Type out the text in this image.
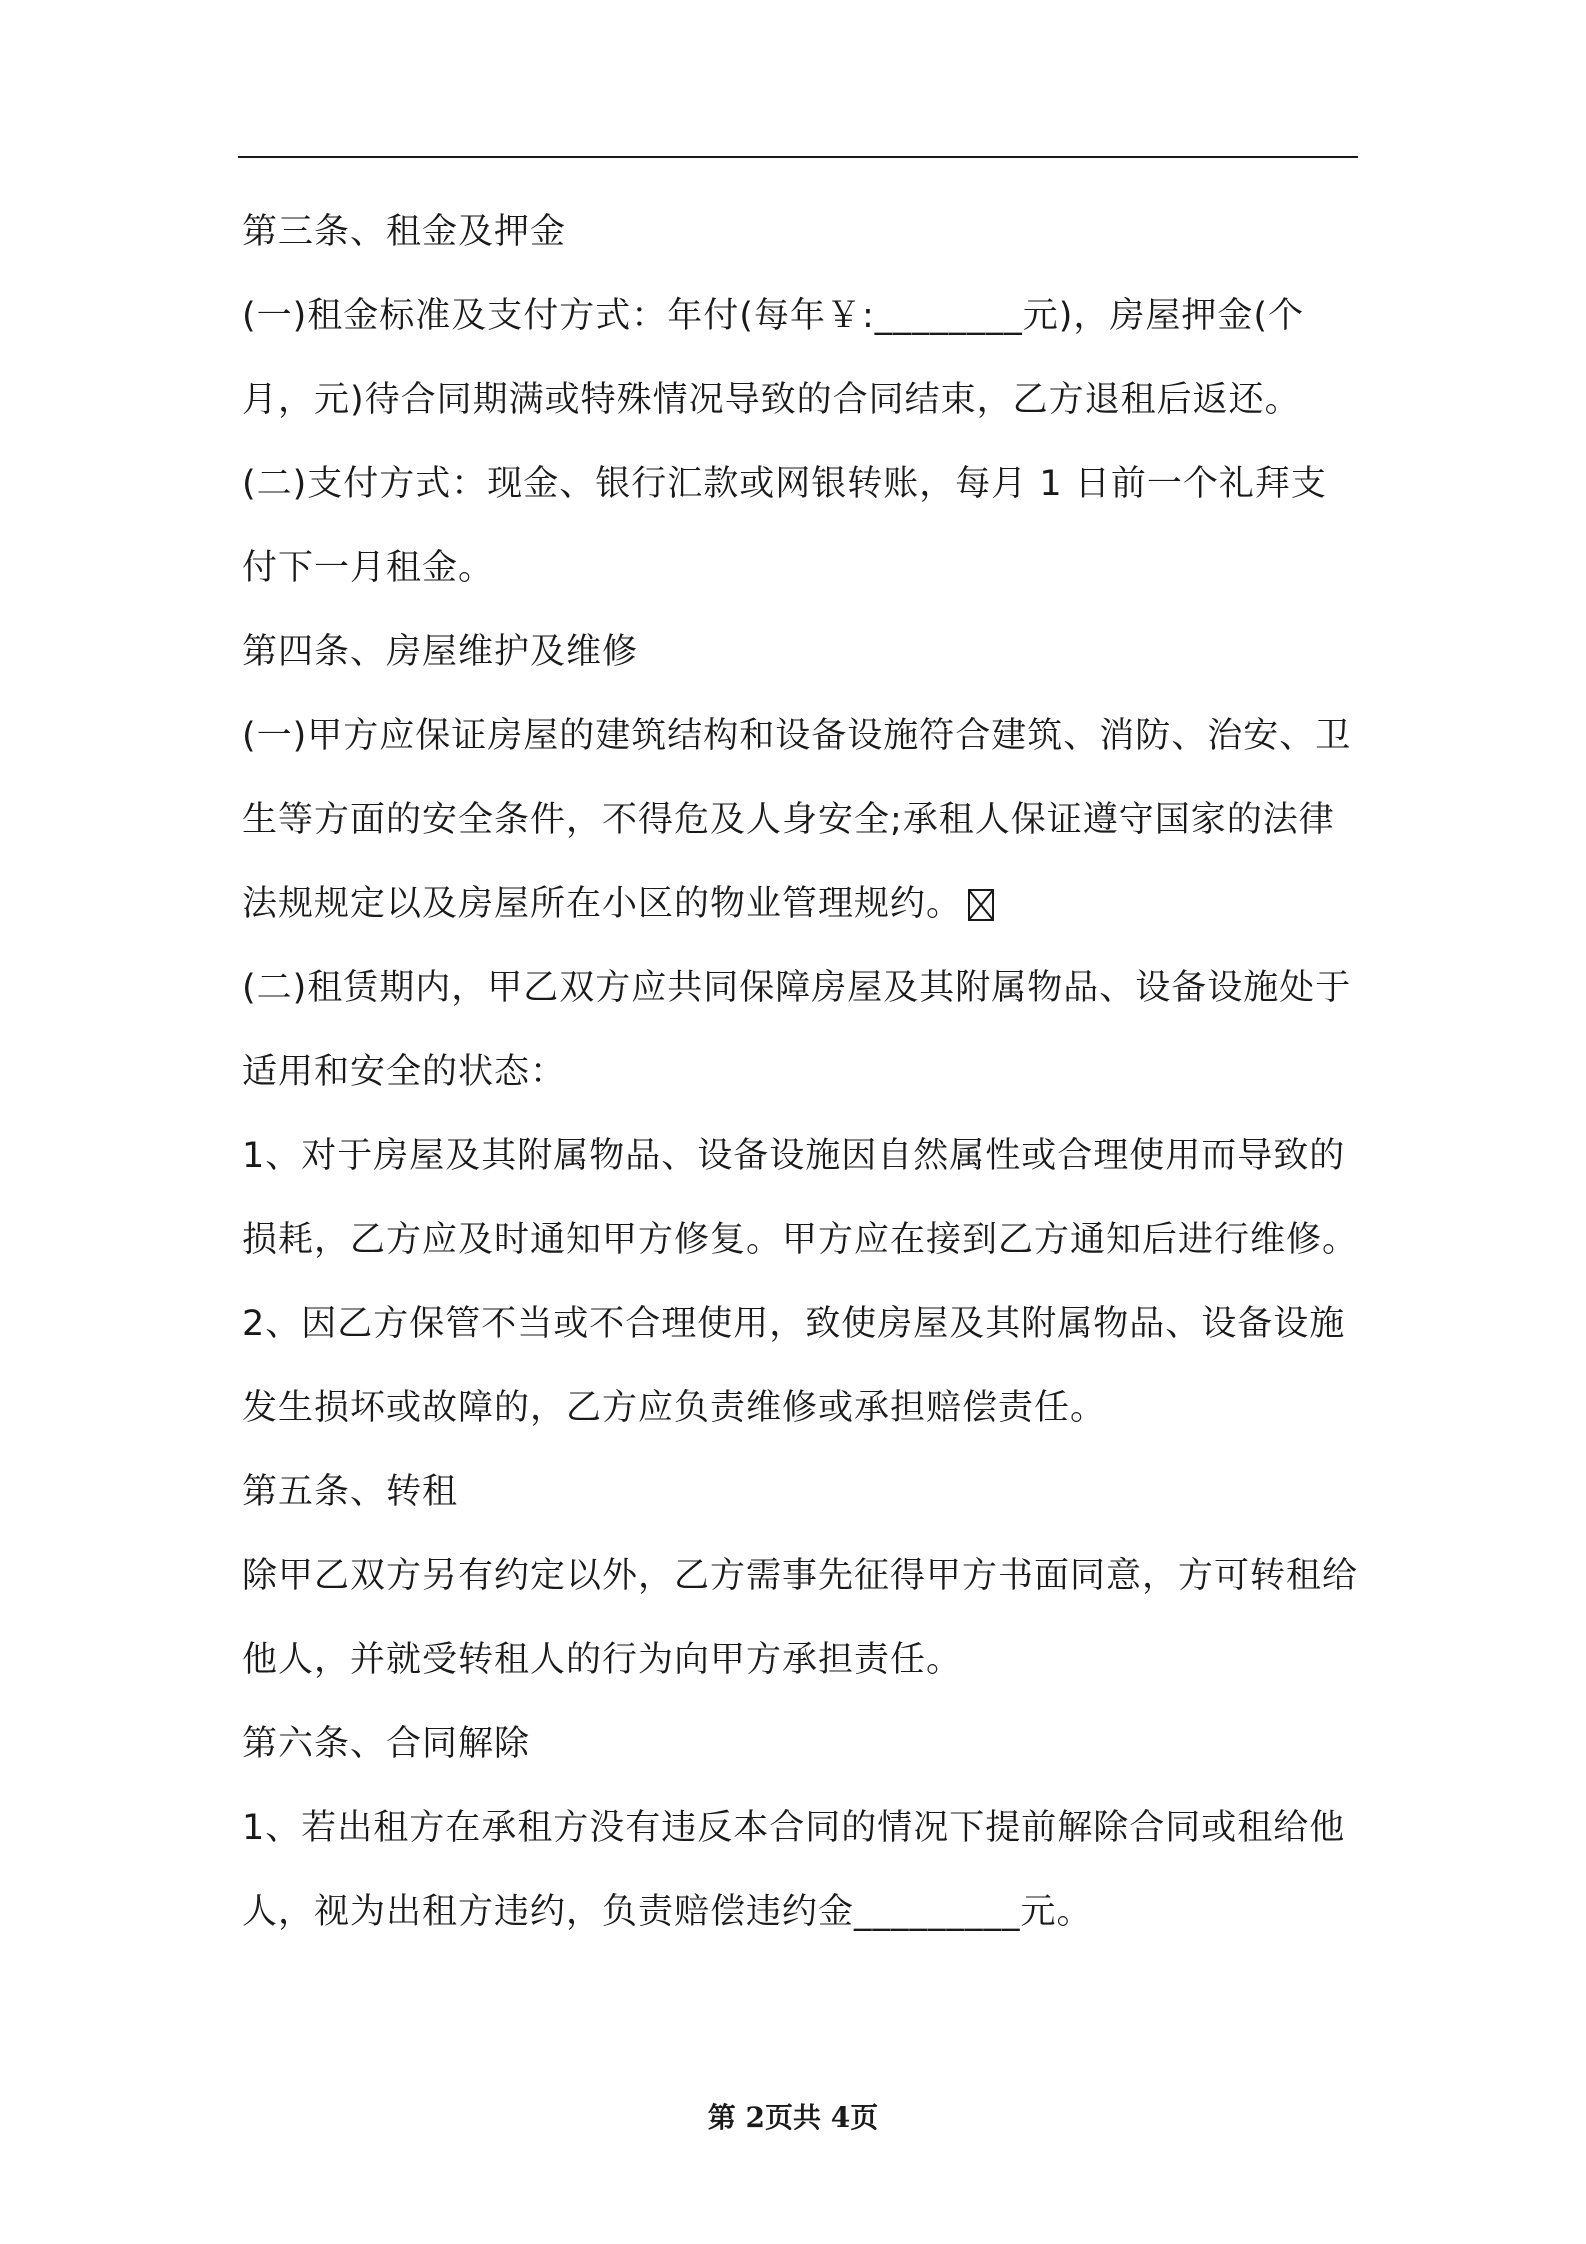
第三条、租金及押金

(一)租金标准及支付方式：年付(每年￥:________元)，房屋押金(个月，元)待合同期满或特殊情况导致的合同结束，乙方退租后返还。

(二)支付方式：现金、银行汇款或网银转账，每月 1 日前一个礼拜支付下一月租金。

第四条、房屋维护及维修

(一)甲方应保证房屋的建筑结构和设备设施符合建筑、消防、治安、卫生等方面的安全条件，不得危及人身安全;承租人保证遵守国家的法律法规规定以及房屋所在小区的物业管理规约。

(二)租赁期内，甲乙双方应共同保障房屋及其附属物品、设备设施处于适用和安全的状态：

1、对于房屋及其附属物品、设备设施因自然属性或合理使用而导致的损耗，乙方应及时通知甲方修复。甲方应在接到乙方通知后进行维修。

2、因乙方保管不当或不合理使用，致使房屋及其附属物品、设备设施发生损坏或故障的，乙方应负责维修或承担赔偿责任。

第五条、转租

除甲乙双方另有约定以外，乙方需事先征得甲方书面同意，方可转租给他人，并就受转租人的行为向甲方承担责任。

第六条、合同解除

1、若出租方在承租方没有违反本合同的情况下提前解除合同或租给他人，视为出租方违约，负责赔偿违约金_________元。

第 2页共 4页
